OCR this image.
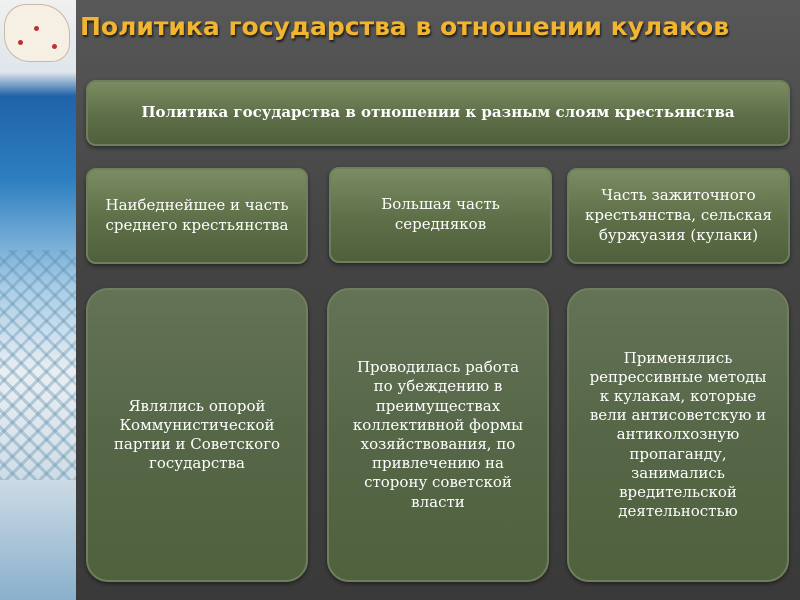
Политика государства в отношении кулаков
Политика государства в отношении к разным слоям крестьянства
Наибеднейшее и часть
среднего крестьянства
Большая часть
середняков
Часть зажиточного
крестьянства, сельская
буржуазия (кулаки)
Являлись опорой
Коммунистической
партии и Советского
государства
Проводилась работа
по убеждению в
преимуществах
коллективной формы
хозяйствования, по
привлечению на
сторону советской
власти
Применялись
репрессивные методы
к кулакам, которые
вели антисоветскую и
антиколхозную
пропаганду,
занимались
вредительской
деятельностью
